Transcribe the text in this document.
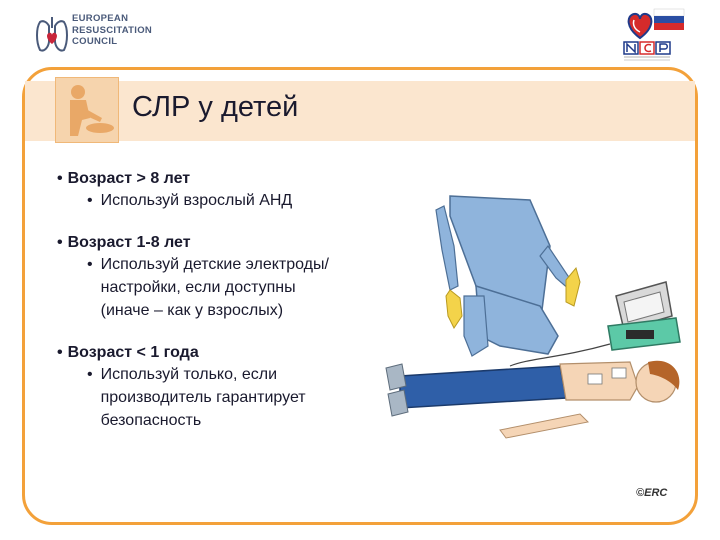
EUROPEAN
RESUSCITATION
COUNCIL
СЛР у детей
• Возраст > 8 лет
• Используй взрослый АНД
• Возраст 1-8 лет
• Используй детские электроды/настройки, если доступны (иначе – как у взрослых)
• Возраст < 1 года
• Используй только, если производитель гарантирует безопасность
©ERC
